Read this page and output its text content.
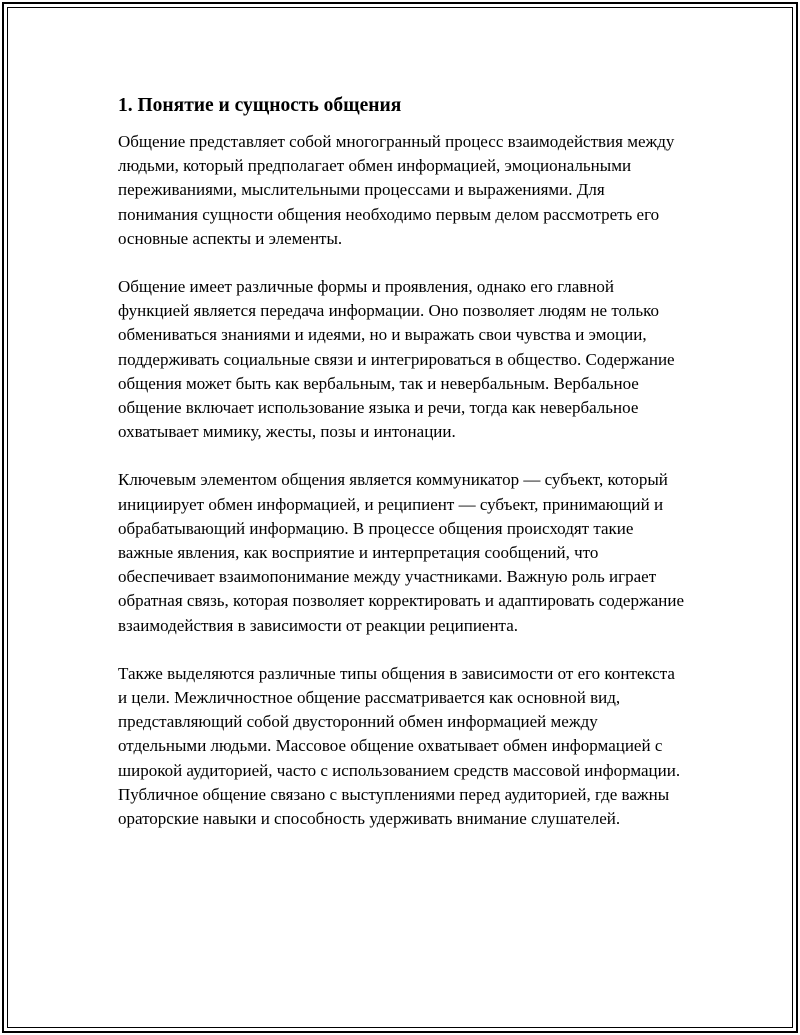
1. Понятие и сущность общения

Общение представляет собой многогранный процесс взаимодействия между людьми, который предполагает обмен информацией, эмоциональными переживаниями, мыслительными процессами и выражениями. Для понимания сущности общения необходимо первым делом рассмотреть его основные аспекты и элементы.

Общение имеет различные формы и проявления, однако его главной функцией является передача информации. Оно позволяет людям не только обмениваться знаниями и идеями, но и выражать свои чувства и эмоции, поддерживать социальные связи и интегрироваться в общество. Содержание общения может быть как вербальным, так и невербальным. Вербальное общение включает использование языка и речи, тогда как невербальное охватывает мимику, жесты, позы и интонации.

Ключевым элементом общения является коммуникатор — субъект, который инициирует обмен информацией, и реципиент — субъект, принимающий и обрабатывающий информацию. В процессе общения происходят такие важные явления, как восприятие и интерпретация сообщений, что обеспечивает взаимопонимание между участниками. Важную роль играет обратная связь, которая позволяет корректировать и адаптировать содержание взаимодействия в зависимости от реакции реципиента.

Также выделяются различные типы общения в зависимости от его контекста и цели. Межличностное общение рассматривается как основной вид, представляющий собой двусторонний обмен информацией между отдельными людьми. Массовое общение охватывает обмен информацией с широкой аудиторией, часто с использованием средств массовой информации. Публичное общение связано с выступлениями перед аудиторией, где важны ораторские навыки и способность удерживать внимание слушателей.
